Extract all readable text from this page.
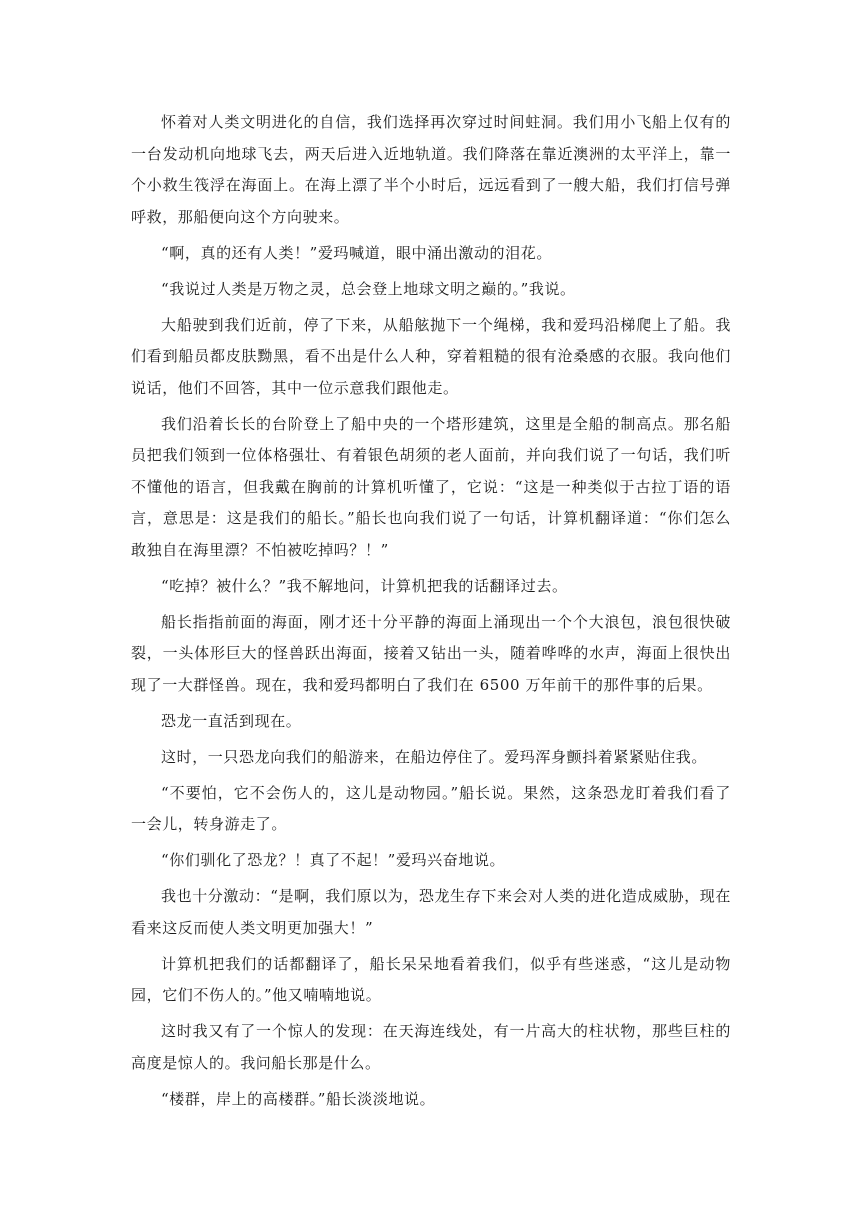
怀着对人类文明进化的自信，我们选择再次穿过时间蛀洞。我们用小飞船上仅有的一台发动机向地球飞去，两天后进入近地轨道。我们降落在靠近澳洲的太平洋上，靠一个小救生筏浮在海面上。在海上漂了半个小时后，远远看到了一艘大船，我们打信号弹呼救，那船便向这个方向驶来。

“啊，真的还有人类！”爱玛喊道，眼中涌出激动的泪花。

“我说过人类是万物之灵，总会登上地球文明之巅的。”我说。

大船驶到我们近前，停了下来，从船舷抛下一个绳梯，我和爱玛沿梯爬上了船。我们看到船员都皮肤黝黑，看不出是什么人种，穿着粗糙的很有沧桑感的衣服。我向他们说话，他们不回答，其中一位示意我们跟他走。

我们沿着长长的台阶登上了船中央的一个塔形建筑，这里是全船的制高点。那名船员把我们领到一位体格强壮、有着银色胡须的老人面前，并向我们说了一句话，我们听不懂他的语言，但我戴在胸前的计算机听懂了，它说：“这是一种类似于古拉丁语的语言，意思是：这是我们的船长。”船长也向我们说了一句话，计算机翻译道：“你们怎么敢独自在海里漂？不怕被吃掉吗？！”

“吃掉？被什么？”我不解地问，计算机把我的话翻译过去。

船长指指前面的海面，刚才还十分平静的海面上涌现出一个个大浪包，浪包很快破裂，一头体形巨大的怪兽跃出海面，接着又钻出一头，随着哗哗的水声，海面上很快出现了一大群怪兽。现在，我和爱玛都明白了我们在 6500 万年前干的那件事的后果。

恐龙一直活到现在。

这时，一只恐龙向我们的船游来，在船边停住了。爱玛浑身颤抖着紧紧贴住我。

“不要怕，它不会伤人的，这儿是动物园。”船长说。果然，这条恐龙盯着我们看了一会儿，转身游走了。

“你们驯化了恐龙？！真了不起！”爱玛兴奋地说。

我也十分激动：“是啊，我们原以为，恐龙生存下来会对人类的进化造成威胁，现在看来这反而使人类文明更加强大！”

计算机把我们的话都翻译了，船长呆呆地看着我们，似乎有些迷惑，“这儿是动物园，它们不伤人的。”他又喃喃地说。

这时我又有了一个惊人的发现：在天海连线处，有一片高大的柱状物，那些巨柱的高度是惊人的。我问船长那是什么。

“楼群，岸上的高楼群。”船长淡淡地说。
